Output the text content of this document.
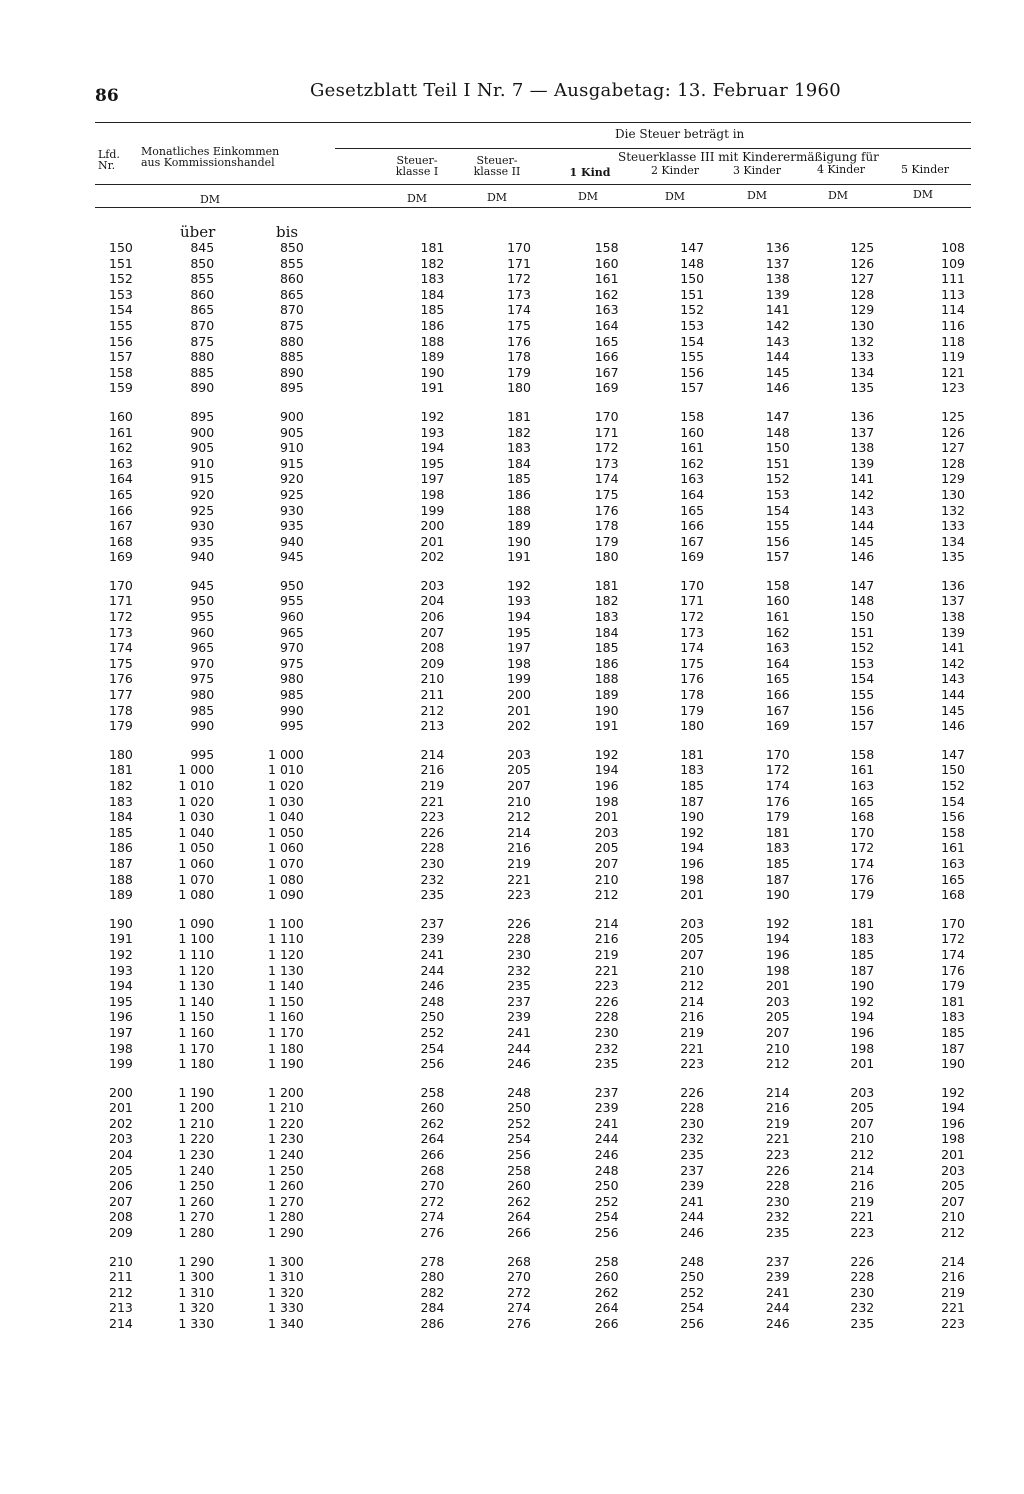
86	Gesetzblatt Teil I Nr. 7 — Ausgabetag: 13. Februar 1960
Lfd.
Nr.
Monatliches Einkommen
aus Kommissionshandel
Die Steuer beträgt in
Steuer-
klasse I
Steuer-
klasse II
Steuerklasse III mit Kinderermäßigung für
1 Kind	2 Kinder	3 Kinder	4 Kinder	5 Kinder
DM	DM	DM	DM	DM	DM	DM	DM
über	bis
150	845	850	181	170	158	147	136	125	108
151	850	855	182	171	160	148	137	126	109
152	855	860	183	172	161	150	138	127	111
153	860	865	184	173	162	151	139	128	113
154	865	870	185	174	163	152	141	129	114
155	870	875	186	175	164	153	142	130	116
156	875	880	188	176	165	154	143	132	118
157	880	885	189	178	166	155	144	133	119
158	885	890	190	179	167	156	145	134	121
159	890	895	191	180	169	157	146	135	123

160	895	900	192	181	170	158	147	136	125
161	900	905	193	182	171	160	148	137	126
162	905	910	194	183	172	161	150	138	127
163	910	915	195	184	173	162	151	139	128
164	915	920	197	185	174	163	152	141	129
165	920	925	198	186	175	164	153	142	130
166	925	930	199	188	176	165	154	143	132
167	930	935	200	189	178	166	155	144	133
168	935	940	201	190	179	167	156	145	134
169	940	945	202	191	180	169	157	146	135

170	945	950	203	192	181	170	158	147	136
171	950	955	204	193	182	171	160	148	137
172	955	960	206	194	183	172	161	150	138
173	960	965	207	195	184	173	162	151	139
174	965	970	208	197	185	174	163	152	141
175	970	975	209	198	186	175	164	153	142
176	975	980	210	199	188	176	165	154	143
177	980	985	211	200	189	178	166	155	144
178	985	990	212	201	190	179	167	156	145
179	990	995	213	202	191	180	169	157	146

180	995	1 000	214	203	192	181	170	158	147
181	1 000	1 010	216	205	194	183	172	161	150
182	1 010	1 020	219	207	196	185	174	163	152
183	1 020	1 030	221	210	198	187	176	165	154
184	1 030	1 040	223	212	201	190	179	168	156
185	1 040	1 050	226	214	203	192	181	170	158
186	1 050	1 060	228	216	205	194	183	172	161
187	1 060	1 070	230	219	207	196	185	174	163
188	1 070	1 080	232	221	210	198	187	176	165
189	1 080	1 090	235	223	212	201	190	179	168

190	1 090	1 100	237	226	214	203	192	181	170
191	1 100	1 110	239	228	216	205	194	183	172
192	1 110	1 120	241	230	219	207	196	185	174
193	1 120	1 130	244	232	221	210	198	187	176
194	1 130	1 140	246	235	223	212	201	190	179
195	1 140	1 150	248	237	226	214	203	192	181
196	1 150	1 160	250	239	228	216	205	194	183
197	1 160	1 170	252	241	230	219	207	196	185
198	1 170	1 180	254	244	232	221	210	198	187
199	1 180	1 190	256	246	235	223	212	201	190

200	1 190	1 200	258	248	237	226	214	203	192
201	1 200	1 210	260	250	239	228	216	205	194
202	1 210	1 220	262	252	241	230	219	207	196
203	1 220	1 230	264	254	244	232	221	210	198
204	1 230	1 240	266	256	246	235	223	212	201
205	1 240	1 250	268	258	248	237	226	214	203
206	1 250	1 260	270	260	250	239	228	216	205
207	1 260	1 270	272	262	252	241	230	219	207
208	1 270	1 280	274	264	254	244	232	221	210
209	1 280	1 290	276	266	256	246	235	223	212

210	1 290	1 300	278	268	258	248	237	226	214
211	1 300	1 310	280	270	260	250	239	228	216
212	1 310	1 320	282	272	262	252	241	230	219
213	1 320	1 330	284	274	264	254	244	232	221
214	1 330	1 340	286	276	266	256	246	235	223
